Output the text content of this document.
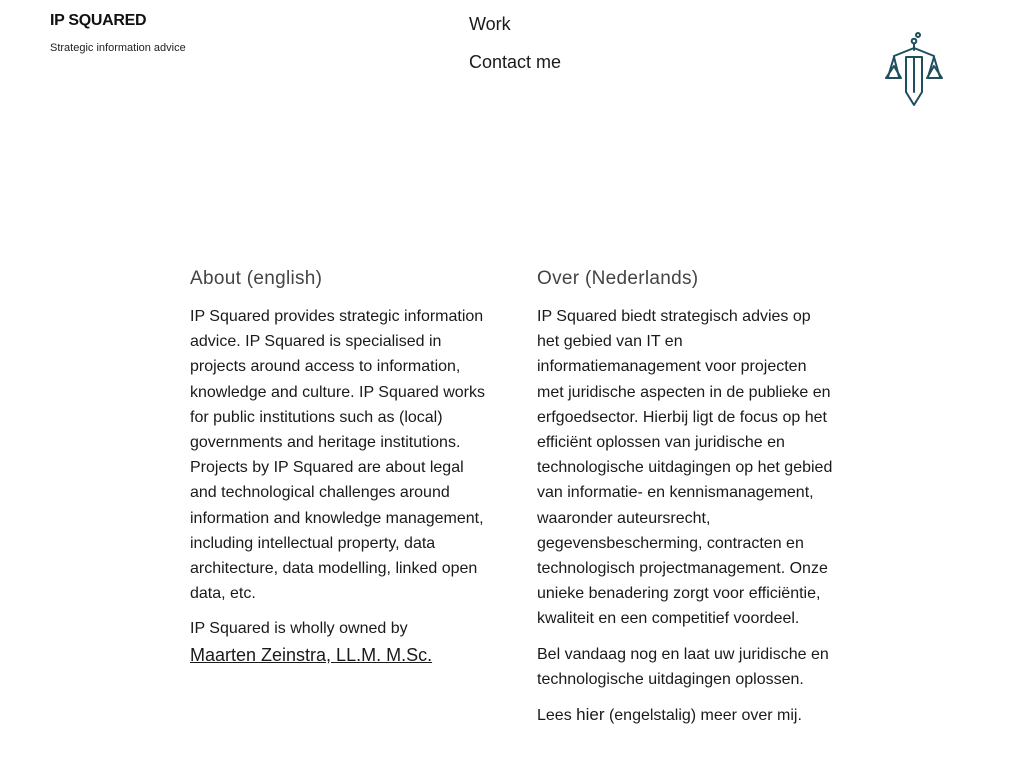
IP SQUARED
Strategic information advice
Work
Contact me
About (english)

IP Squared provides strategic information advice. IP Squared is specialised in projects around access to information, knowledge and culture. IP Squared works for public institutions such as (local) governments and heritage institutions. Projects by IP Squared are about legal and technological challenges around information and knowledge management, including intellectual property, data architecture, data modelling, linked open data, etc.

IP Squared is wholly owned by
Maarten Zeinstra, LL.M. M.Sc.

Over (Nederlands)

IP Squared biedt strategisch advies op het gebied van IT en informatiemanagement voor projecten met juridische aspecten in de publieke en erfgoedsector. Hierbij ligt de focus op het efficiënt oplossen van juridische en technologische uitdagingen op het gebied van informatie- en kennismanagement, waaronder auteursrecht, gegevensbescherming, contracten en technologisch projectmanagement. Onze unieke benadering zorgt voor efficiëntie, kwaliteit en een competitief voordeel.

Bel vandaag nog en laat uw juridische en technologische uitdagingen oplossen.

Lees hier (engelstalig) meer over mij.
